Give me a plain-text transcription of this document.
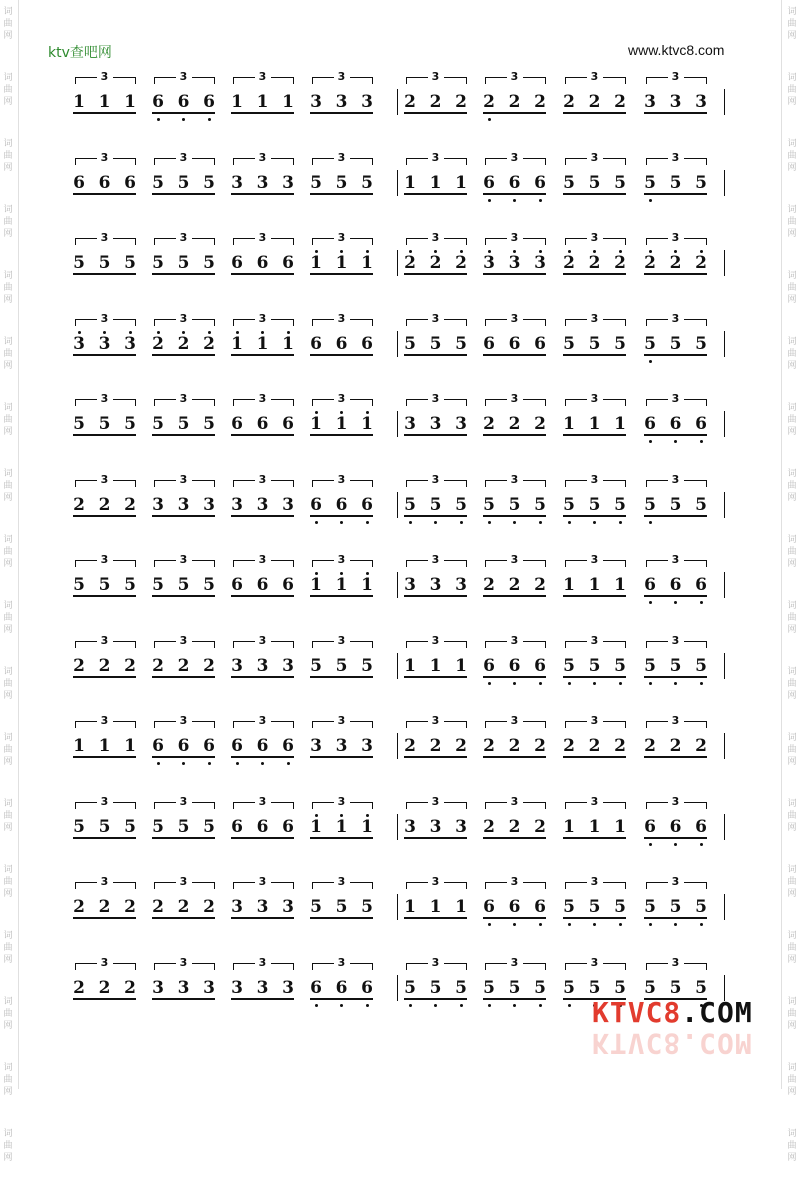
词
曲
网
词
曲
网
词
曲
网
词
曲
网
词
曲
网
词
曲
网
词
曲
网
词
曲
网
词
曲
网
词
曲
网
词
曲
网
词
曲
网
词
曲
网
词
曲
网
词
曲
网
词
曲
网
词
曲
网
词
曲
网
词
曲
网
词
曲
网
词
曲
网
词
曲
网
词
曲
网
词
曲
网
词
曲
网
词
曲
网
词
曲
网
词
曲
网
词
曲
网
词
曲
网
词
曲
网
词
曲
网
词
曲
网
词
曲
网
词
曲
网
词
曲
网
ktv查吧网	www.ktvc8.com
3
1 1 1
3
6 6 6
3
1 1 1
3
3 3 3
3
2 2 2
3
2 2 2
3
2 2 2
3
3 3 3
3
6 6 6
3
5 5 5
3
3 3 3
3
5 5 5
3
1 1 1
3
6 6 6
3
5 5 5
3
5 5 5
3
5 5 5
3
5 5 5
3
6 6 6
3
1 1 1
3
2 2 2
3
3 3 3
3
2 2 2
3
2 2 2
3
3 3 3
3
2 2 2
3
1 1 1
3
6 6 6
3
5 5 5
3
6 6 6
3
5 5 5
3
5 5 5
3
5 5 5
3
5 5 5
3
6 6 6
3
1 1 1
3
3 3 3
3
2 2 2
3
1 1 1
3
6 6 6
3
2 2 2
3
3 3 3
3
3 3 3
3
6 6 6
3
5 5 5
3
5 5 5
3
5 5 5
3
5 5 5
3
5 5 5
3
5 5 5
3
6 6 6
3
1 1 1
3
3 3 3
3
2 2 2
3
1 1 1
3
6 6 6
3
2 2 2
3
2 2 2
3
3 3 3
3
5 5 5
3
1 1 1
3
6 6 6
3
5 5 5
3
5 5 5
3
1 1 1
3
6 6 6
3
6 6 6
3
3 3 3
3
2 2 2
3
2 2 2
3
2 2 2
3
2 2 2
3
5 5 5
3
5 5 5
3
6 6 6
3
1 1 1
3
3 3 3
3
2 2 2
3
1 1 1
3
6 6 6
3
2 2 2
3
2 2 2
3
3 3 3
3
5 5 5
3
1 1 1
3
6 6 6
3
5 5 5
3
5 5 5
3
2 2 2
3
3 3 3
3
3 3 3
3
6 6 6
3
5 5 5
3
5 5 5
3
5 5 5
3
5 5 5
KTVC8.COM
KTVC8.COM
